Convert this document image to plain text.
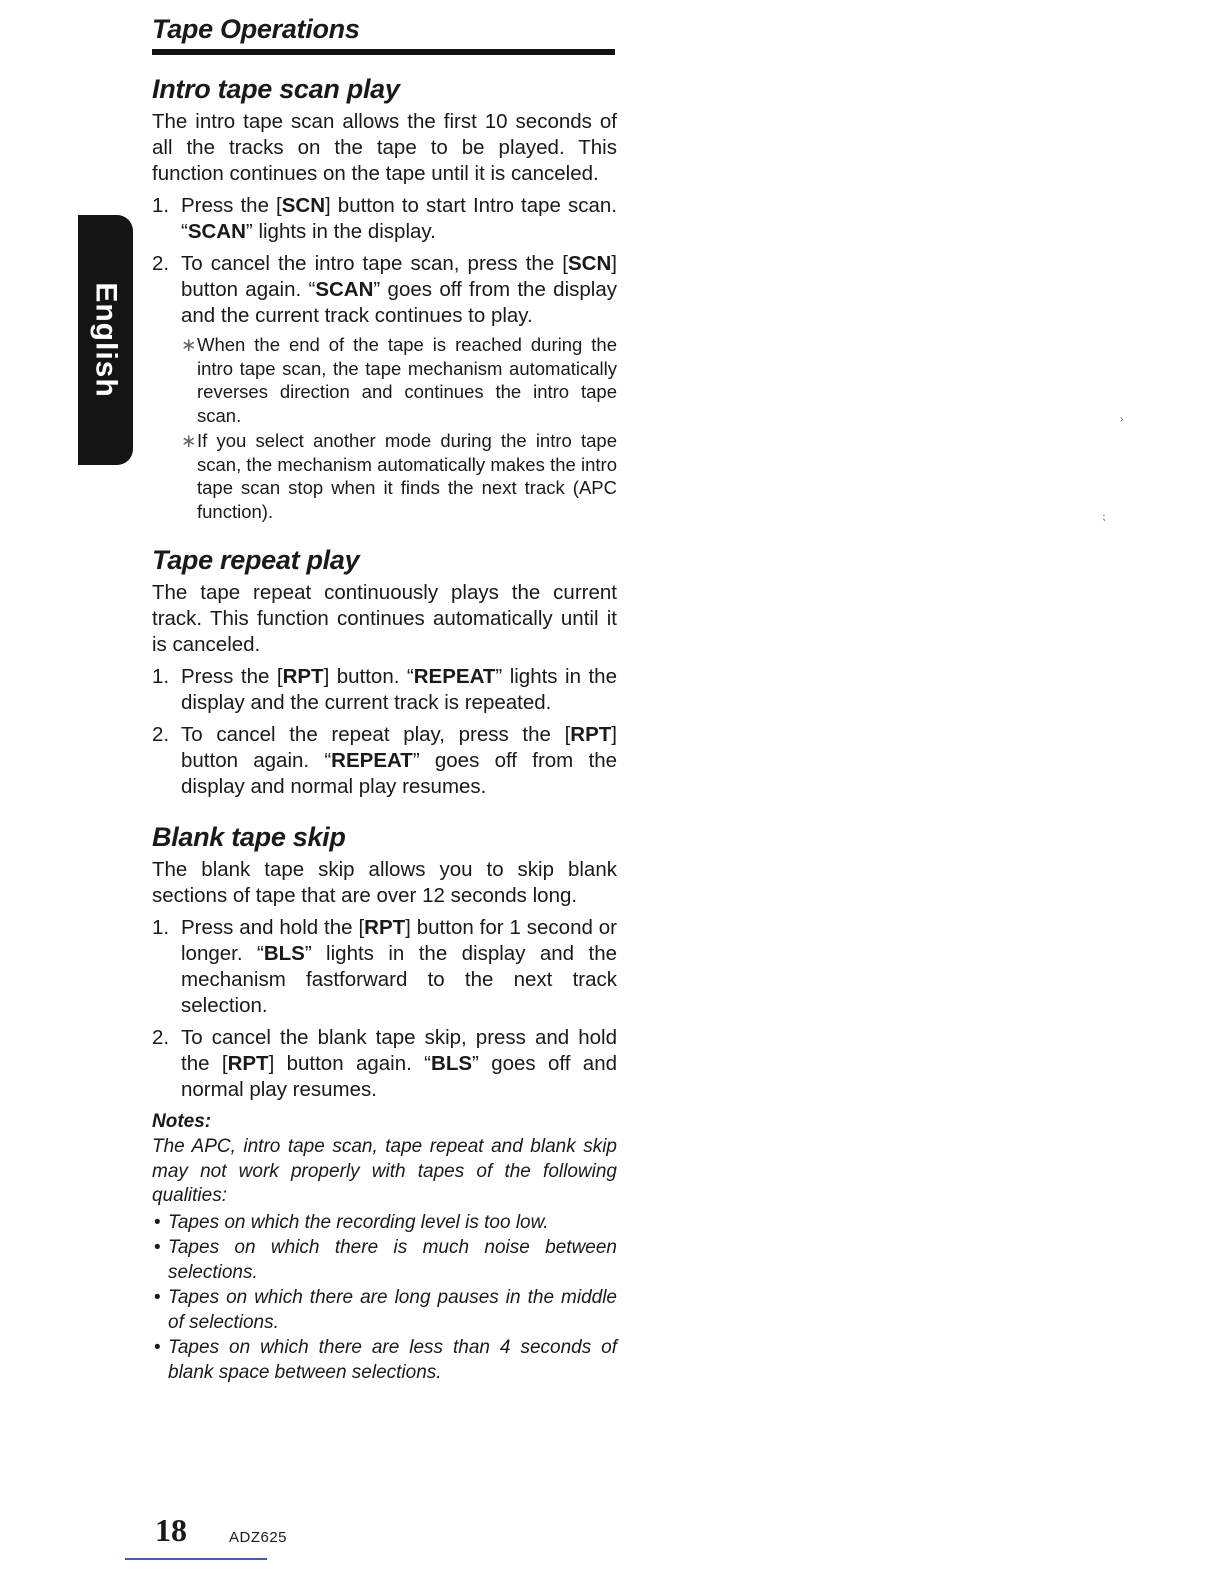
Tape Operations
English
Intro tape scan play

The intro tape scan allows the first 10 seconds of all the tracks on the tape to be played. This function continues on the tape until it is canceled.

1. Press the [SCN] button to start Intro tape scan. “SCAN” lights in the display.
2. To cancel the intro tape scan, press the [SCN] button again. “SCAN” goes off from the display and the current track continues to play.
∗ When the end of the tape is reached during the intro tape scan, the tape mechanism automatically reverses direction and continues the intro tape scan.
∗ If you select another mode during the intro tape scan, the mechanism automatically makes the intro tape scan stop when it finds the next track (APC function).
Tape repeat play

The tape repeat continuously plays the current track. This function continues automatically until it is canceled.

1. Press the [RPT] button. “REPEAT” lights in the display and the current track is repeated.
2. To cancel the repeat play, press the [RPT] button again. “REPEAT” goes off from the display and normal play resumes.
Blank tape skip

The blank tape skip allows you to skip blank sections of tape that are over 12 seconds long.

1. Press and hold the [RPT] button for 1 second or longer. “BLS” lights in the display and the mechanism fastforward to the next track selection.
2. To cancel the blank tape skip, press and hold the [RPT] button again. “BLS” goes off and normal play resumes.
Notes:

The APC, intro tape scan, tape repeat and blank skip may not work properly with tapes of the following qualities:

• Tapes on which the recording level is too low.
• Tapes on which there is much noise between selections.
• Tapes on which there are long pauses in the middle of selections.
• Tapes on which there are less than 4 seconds of blank space between selections.
›
⁏
18	ADZ625
